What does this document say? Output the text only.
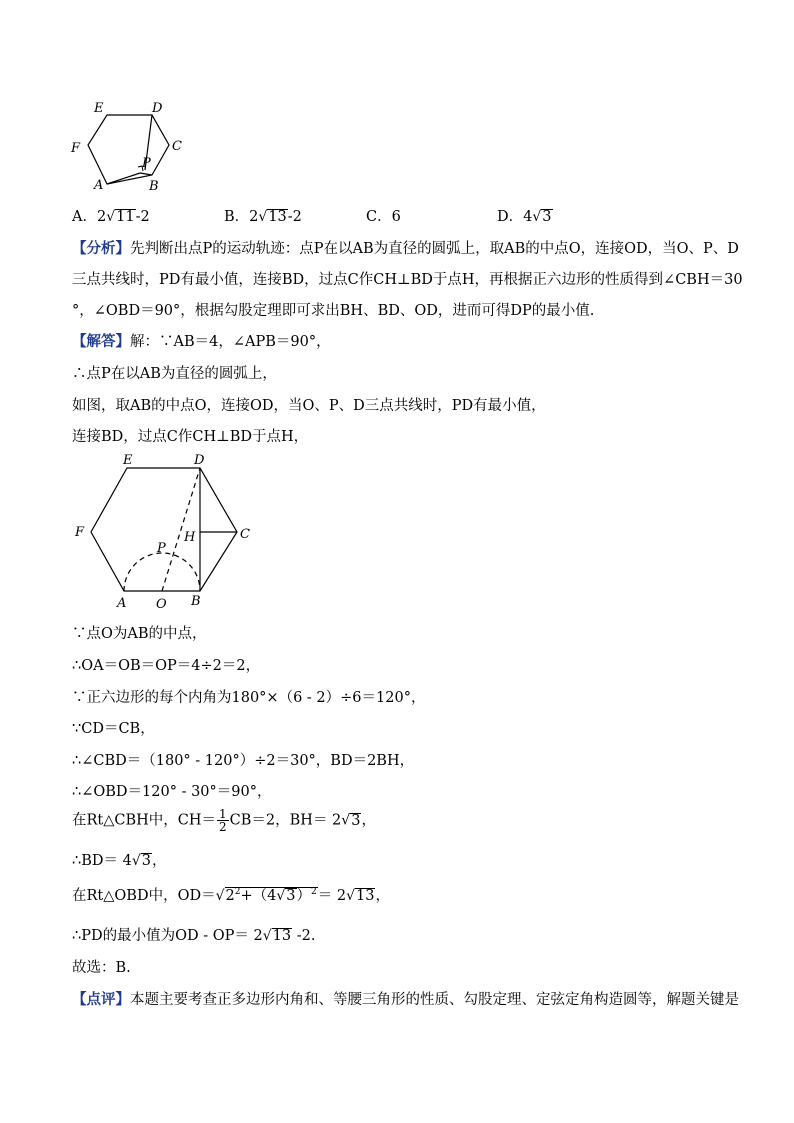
E	D
F	C
P
A	B
A．2√11-2	B．2√13-2	C．6	D．4√3
【分析】先判断出点P的运动轨迹：点P在以AB为直径的圆弧上，取AB的中点O，连接OD，当O、P、D
三点共线时，PD有最小值，连接BD，过点C作CH⊥BD于点H，再根据正六边形的性质得到∠CBH＝30
°，∠OBD＝90°，根据勾股定理即可求出BH、BD、OD，进而可得DP的最小值.
【解答】解：∵AB＝4，∠APB＝90°，
∴点P在以AB为直径的圆弧上，
如图，取AB的中点O，连接OD，当O、P、D三点共线时，PD有最小值，
连接BD，过点C作CH⊥BD于点H，
E	D
F	C
H
P
A O B
∵点O为AB的中点，
∴OA＝OB＝OP＝4÷2＝2，
∵正六边形的每个内角为180°×（6 - 2）÷6＝120°，
∵CD＝CB，
∴∠CBD＝（180° - 120°）÷2＝30°，BD＝2BH，
∴∠OBD＝120° - 30°＝90°，
在Rt△CBH中，$CH= \frac{1}{2} CB=2$，BH＝ 2√3，
∴BD＝ 4√3，
在Rt△OBD中，$OD=√2^2+(4√3)^2= 2√13$，
∴PD的最小值为OD - OP＝ 2√13 -2.
故选：B.
【点评】本题主要考查正多边形内角和、等腰三角形的性质、勾股定理、定弦定角构造圆等，解题关键是
